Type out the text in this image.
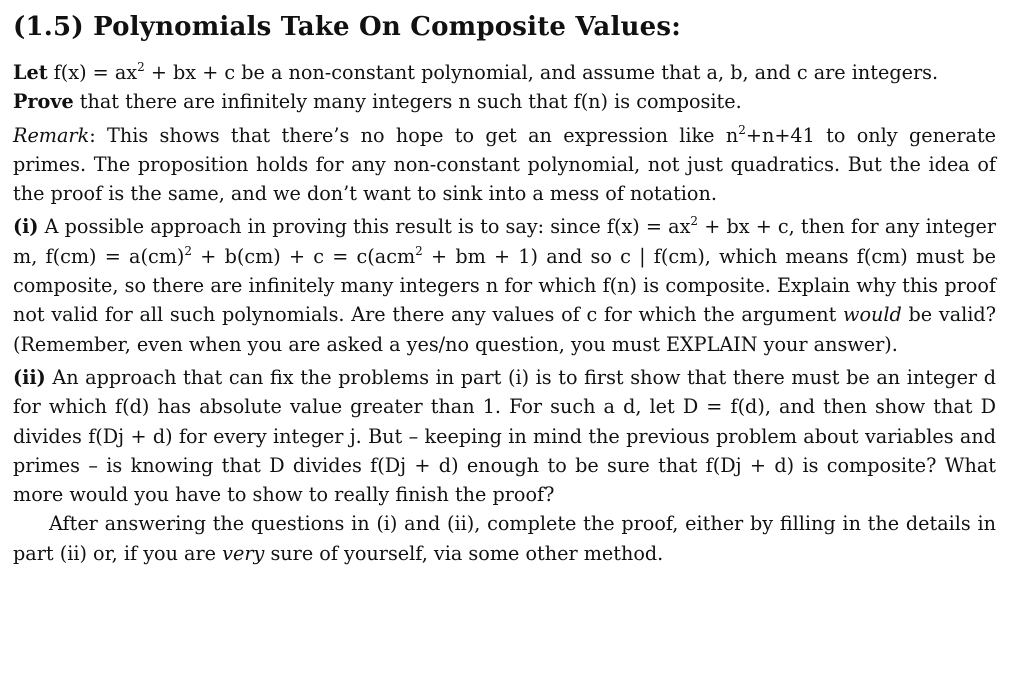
(1.5) Polynomials Take On Composite Values:

Let $f(x) = ax^2$ + bx + c be a non-constant polynomial, and assume that a, b, and c are integers.
Prove that there are infinitely many integers n such that f(n) is composite.

Remark: This shows that there’s no hope to get an expression like $n^2+n+41$ to only generate primes. The proposition holds for any non-constant polynomial, not just quadratics. But the idea of the proof is the same, and we don’t want to sink into a mess of notation.

(i) A possible approach in proving this result is to say: since $f(x) = ax^2$ + bx + c, then for any integer m, f(cm) = a(cm)$^2$ + b(cm) + c = c(acm$^2$ + bm + 1) and so c | f(cm), which means f(cm) must be composite, so there are infinitely many integers n for which f(n) is composite. Explain why this proof not valid for all such polynomials. Are there any values of c for which the argument would be valid? (Remember, even when you are asked a yes/no question, you must EXPLAIN your answer).

(ii) An approach that can fix the problems in part (i) is to first show that there must be an integer d for which f(d) has absolute value greater than 1. For such a d, let D = f(d), and then show that D divides f(Dj + d) for every integer j. But – keeping in mind the previous problem about variables and primes – is knowing that D divides f(Dj + d) enough to be sure that f(Dj + d) is composite? What more would you have to show to really finish the proof?

After answering the questions in (i) and (ii), complete the proof, either by filling in the details in part (ii) or, if you are very sure of yourself, via some other method.
